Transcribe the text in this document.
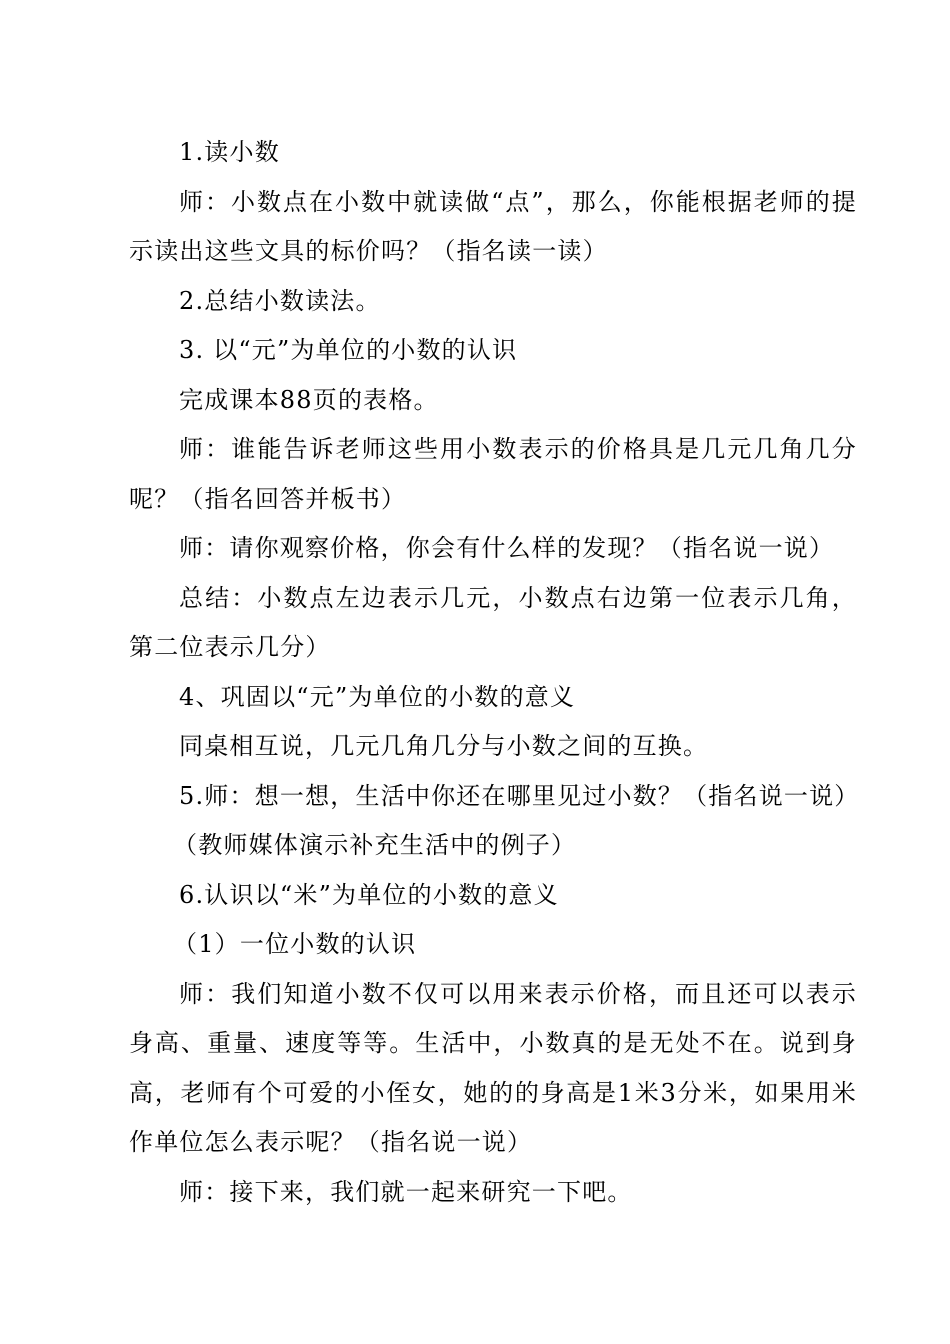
1.读小数

师：小数点在小数中就读做“点”，那么，你能根据老师的提示读出这些文具的标价吗？（指名读一读）

2.总结小数读法。

3. 以“元”为单位的小数的认识

完成课本88页的表格。

师：谁能告诉老师这些用小数表示的价格具是几元几角几分呢？（指名回答并板书）

师：请你观察价格，你会有什么样的发现？（指名说一说）

总结：小数点左边表示几元，小数点右边第一位表示几角，第二位表示几分）

4、巩固以“元”为单位的小数的意义

同桌相互说，几元几角几分与小数之间的互换。

5.师：想一想，生活中你还在哪里见过小数？（指名说一说）

（教师媒体演示补充生活中的例子）

6.认识以“米”为单位的小数的意义

（1）一位小数的认识

师：我们知道小数不仅可以用来表示价格，而且还可以表示身高、重量、速度等等。生活中，小数真的是无处不在。说到身高，老师有个可爱的小侄女，她的的身高是1米3分米，如果用米作单位怎么表示呢？（指名说一说）

师：接下来，我们就一起来研究一下吧。
